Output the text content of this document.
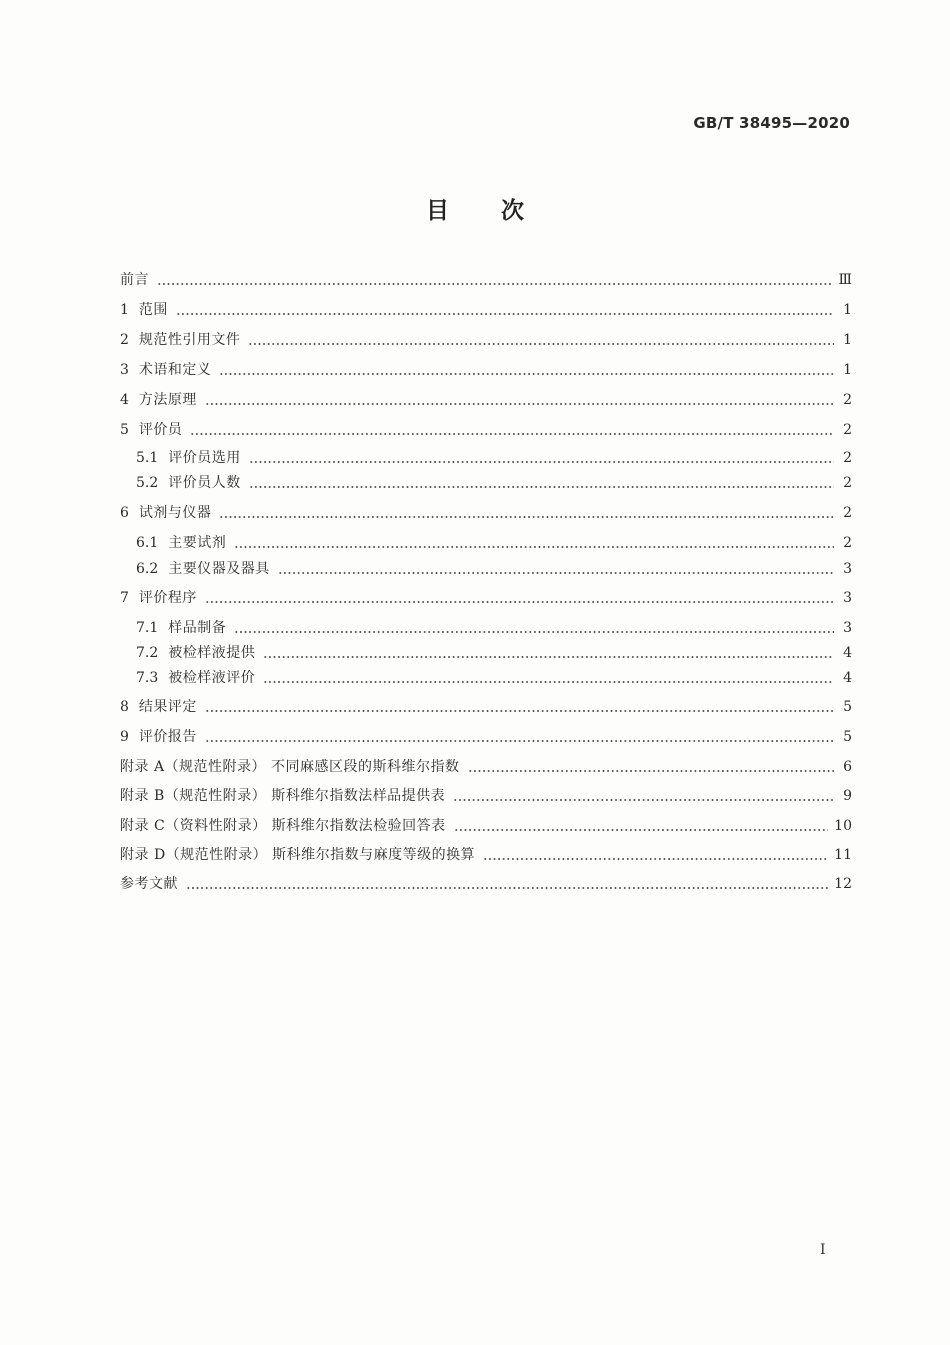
GB/T 38495—2020
目次
前言	Ⅲ
1 范围	1
2 规范性引用文件	1
3 术语和定义	1
4 方法原理	2
5 评价员	2
5.1 评价员选用	2
5.2 评价员人数	2
6 试剂与仪器	2
6.1 主要试剂	2
6.2 主要仪器及器具	3
7 评价程序	3
7.1 样品制备	3
7.2 被检样液提供	4
7.3 被检样液评价	4
8 结果评定	5
9 评价报告	5
附录 A（规范性附录） 不同麻感区段的斯科维尔指数	6
附录 B（规范性附录） 斯科维尔指数法样品提供表	9
附录 C（资料性附录） 斯科维尔指数法检验回答表	10
附录 D（规范性附录） 斯科维尔指数与麻度等级的换算	11
参考文献	12
I
